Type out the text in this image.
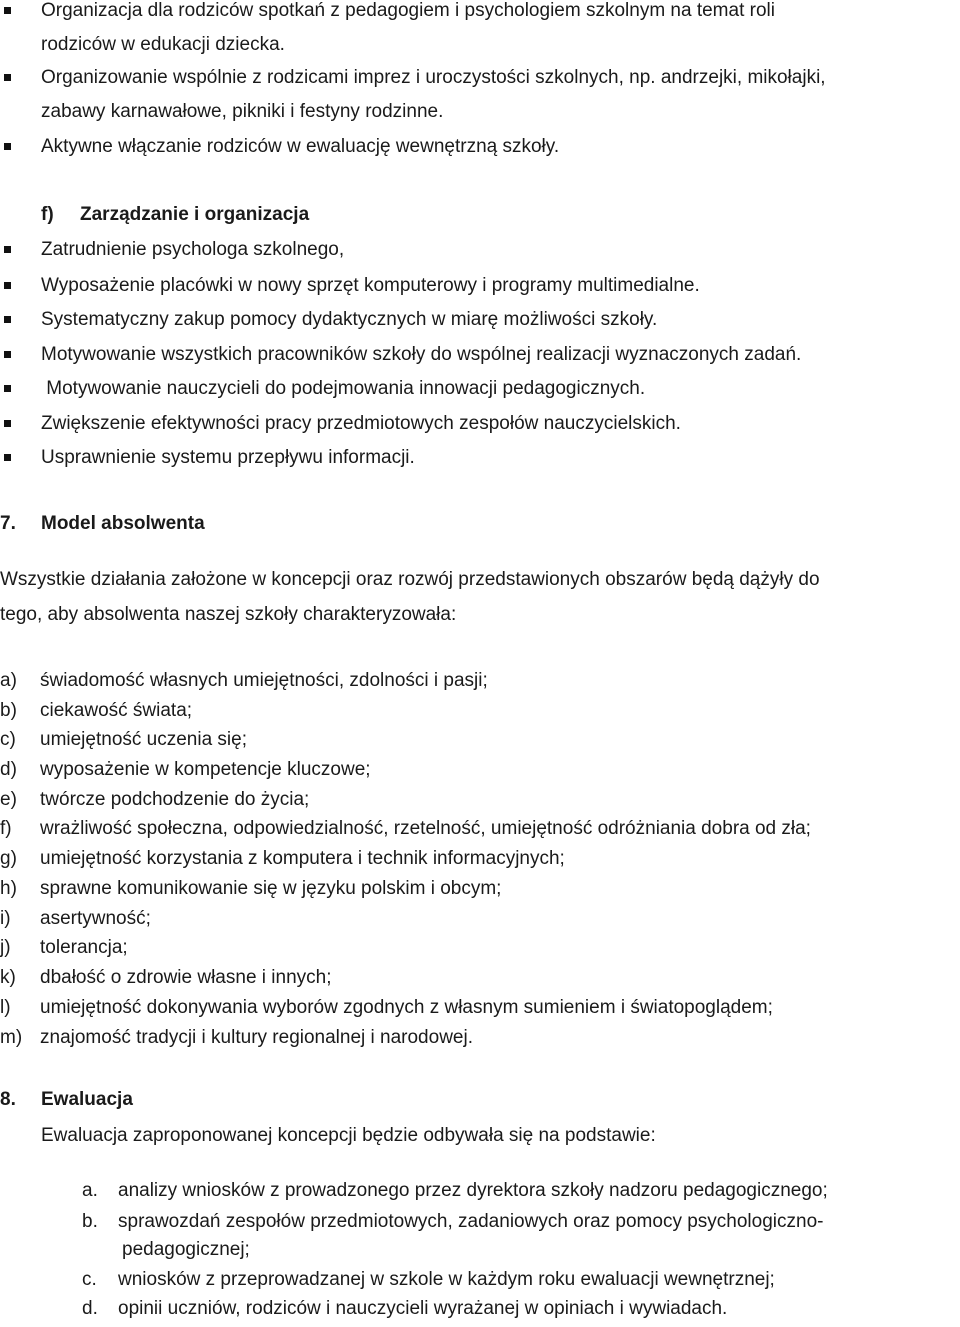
Organizacja dla rodziców spotkań z pedagogiem i psychologiem szkolnym na temat roli
rodziców w edukacji dziecka.
Organizowanie wspólnie z rodzicami imprez i uroczystości szkolnych, np. andrzejki, mikołajki,
zabawy karnawałowe, pikniki i festyny rodzinne.
Aktywne włączanie rodziców w ewaluację wewnętrzną szkoły.
f) Zarządzanie i organizacja
Zatrudnienie psychologa szkolnego,
Wyposażenie placówki w nowy sprzęt komputerowy i programy multimedialne.
Systematyczny zakup pomocy dydaktycznych w miarę możliwości szkoły.
Motywowanie wszystkich pracowników szkoły do wspólnej realizacji wyznaczonych zadań.
Motywowanie nauczycieli do podejmowania innowacji pedagogicznych.
Zwiększenie efektywności pracy przedmiotowych zespołów nauczycielskich.
Usprawnienie systemu przepływu informacji.
7. Model absolwenta
Wszystkie działania założone w koncepcji oraz rozwój przedstawionych obszarów będą dążyły do
tego, aby absolwenta naszej szkoły charakteryzowała:
a) świadomość własnych umiejętności, zdolności i pasji;
b) ciekawość świata;
c) umiejętność uczenia się;
d) wyposażenie w kompetencje kluczowe;
e) twórcze podchodzenie do życia;
f) wrażliwość społeczna, odpowiedzialność, rzetelność, umiejętność odróżniania dobra od zła;
g) umiejętność korzystania z komputera i technik informacyjnych;
h) sprawne komunikowanie się w języku polskim i obcym;
i) asertywność;
j) tolerancja;
k) dbałość o zdrowie własne i innych;
l) umiejętność dokonywania wyborów zgodnych z własnym sumieniem i światopoglądem;
m) znajomość tradycji i kultury regionalnej i narodowej.
8. Ewaluacja
Ewaluacja zaproponowanej koncepcji będzie odbywała się na podstawie:
a. analizy wniosków z prowadzonego przez dyrektora szkoły nadzoru pedagogicznego;
b. sprawozdań zespołów przedmiotowych, zadaniowych oraz pomocy psychologiczno-
pedagogicznej;
c. wniosków z przeprowadzanej w szkole w każdym roku ewaluacji wewnętrznej;
d. opinii uczniów, rodziców i nauczycieli wyrażanej w opiniach i wywiadach.
